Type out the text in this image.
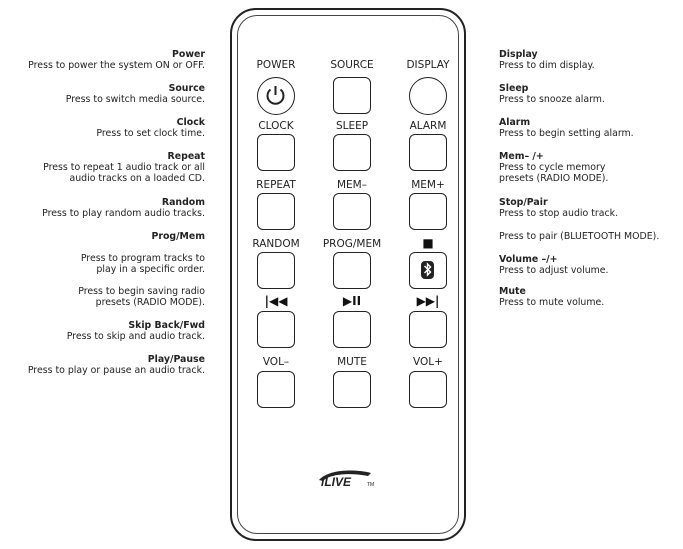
Power
Press to power the system ON or OFF.
Source
Press to switch media source.
Clock
Press to set clock time.
Repeat
Press to repeat 1 audio track or all
audio tracks on a loaded CD.
Random
Press to play random audio tracks.
Prog/Mem
Press to program tracks to
play in a specific order.
Press to begin saving radio
presets (RADIO MODE).
Skip Back/Fwd
Press to skip and audio track.
Play/Pause
Press to play or pause an audio track.
Display
Press to dim display.
Sleep
Press to snooze alarm.
Alarm
Press to begin setting alarm.
Mem– /+
Press to cycle memory
presets (RADIO MODE).
Stop/Pair
Press to stop audio track.
Press to pair (BLUETOOTH MODE).
Volume –/+
Press to adjust volume.
Mute
Press to mute volume.
POWER	SOURCE	DISPLAY
CLOCK	SLEEP	ALARM
REPEAT	MEM–	MEM+
RANDOM	PROG/MEM	■
|◀◀	▶II	▶▶|
VOL–	MUTE	VOL+
iLIVE	TM
